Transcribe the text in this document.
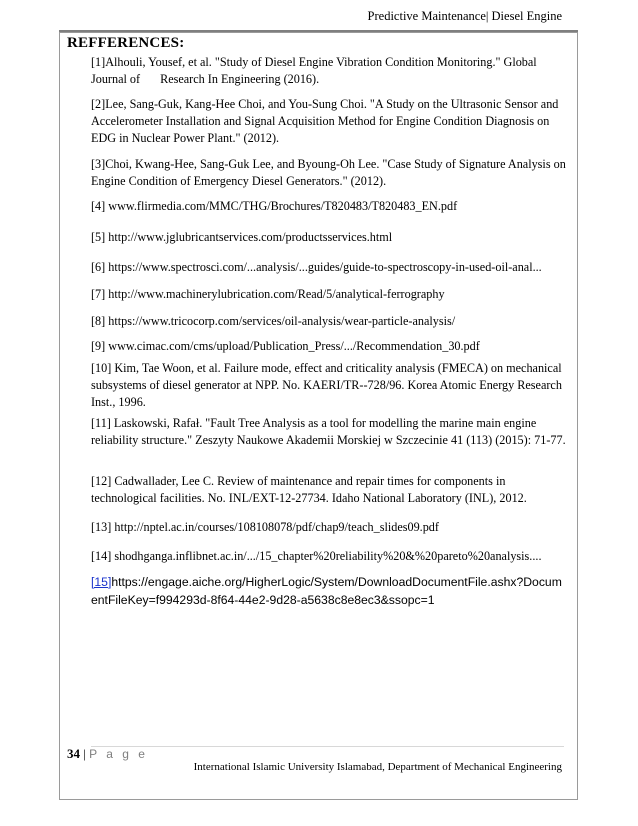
Predictive Maintenance| Diesel Engine
REFFERENCES:
[1]Alhouli, Yousef, et al. "Study of Diesel Engine Vibration Condition Monitoring." Global Journal of Research In Engineering (2016).
[2]Lee, Sang-Guk, Kang-Hee Choi, and You-Sung Choi. "A Study on the Ultrasonic Sensor and Accelerometer Installation and Signal Acquisition Method for Engine Condition Diagnosis on EDG in Nuclear Power Plant." (2012).
[3]Choi, Kwang-Hee, Sang-Guk Lee, and Byoung-Oh Lee. "Case Study of Signature Analysis on Engine Condition of Emergency Diesel Generators." (2012).
[4] www.flirmedia.com/MMC/THG/Brochures/T820483/T820483_EN.pdf
[5] http://www.jglubricantservices.com/productsservices.html
[6] https://www.spectrosci.com/...analysis/...guides/guide-to-spectroscopy-in-used-oil-anal...
[7] http://www.machinerylubrication.com/Read/5/analytical-ferrography
[8] https://www.tricocorp.com/services/oil-analysis/wear-particle-analysis/
[9] www.cimac.com/cms/upload/Publication_Press/.../Recommendation_30.pdf
[10] Kim, Tae Woon, et al. Failure mode, effect and criticality analysis (FMECA) on mechanical subsystems of diesel generator at NPP. No. KAERI/TR--728/96. Korea Atomic Energy Research Inst., 1996.
[11] Laskowski, Rafał. "Fault Tree Analysis as a tool for modelling the marine main engine reliability structure." Zeszyty Naukowe Akademii Morskiej w Szczecinie 41 (113) (2015): 71-77.
[12] Cadwallader, Lee C. Review of maintenance and repair times for components in technological facilities. No. INL/EXT-12-27734. Idaho National Laboratory (INL), 2012.
[13] http://nptel.ac.in/courses/108108078/pdf/chap9/teach_slides09.pdf
[14] shodhganga.inflibnet.ac.in/.../15_chapter%20reliability%20&%20pareto%20analysis....
[15]https://engage.aiche.org/HigherLogic/System/DownloadDocumentFile.ashx?DocumentFileKey=f994293d-8f64-44e2-9d28-a5638c8e8ec3&ssopc=1
34 | P a g e
International Islamic University Islamabad, Department of Mechanical Engineering
